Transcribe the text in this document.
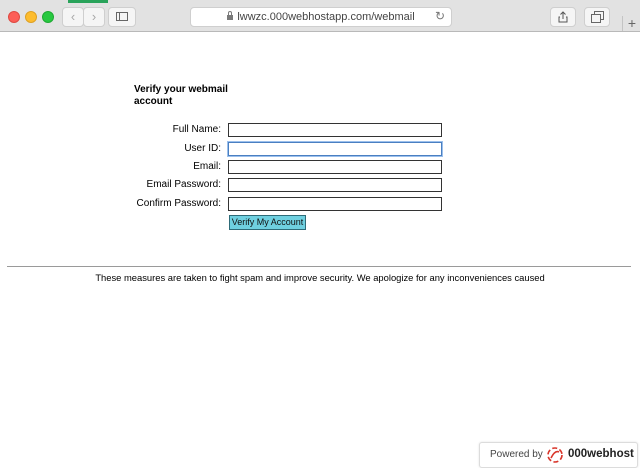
‹	›	lwwzc.000webhostapp.com/webmail	↻	+
Verify your webmail account
Full Name:
User ID:
Email:
Email Password:
Confirm Password:
Verify My Account
These measures are taken to fight spam and improve security. We apologize for any inconveniences caused
Powered by 000webhost
